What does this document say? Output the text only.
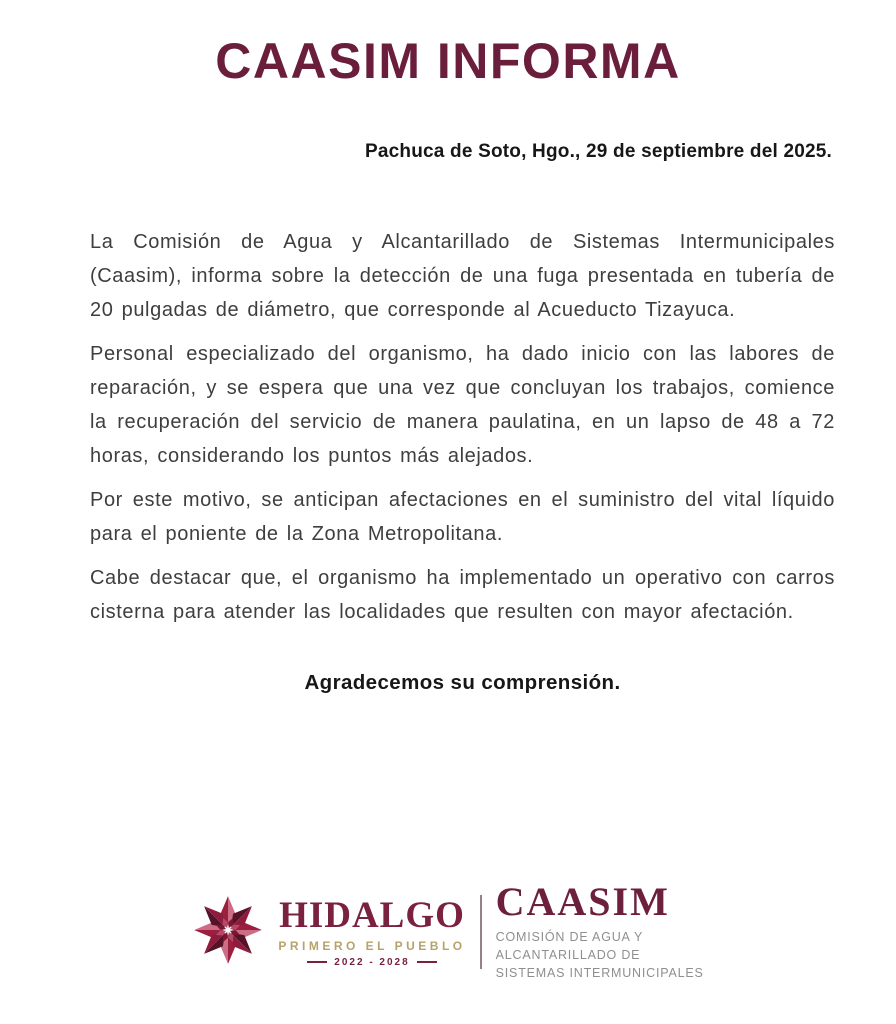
CAASIM INFORMA
Pachuca de Soto, Hgo., 29 de septiembre del 2025.

La Comisión de Agua y Alcantarillado de Sistemas Intermunicipales (Caasim), informa sobre la detección de una fuga presentada en tubería de 20 pulgadas de diámetro, que corresponde al Acueducto Tizayuca.

Personal especializado del organismo, ha dado inicio con las labores de reparación, y se espera que una vez que concluyan los trabajos, comience la recuperación del servicio de manera paulatina, en un lapso de 48 a 72 horas, considerando los puntos más alejados.

Por este motivo, se anticipan afectaciones en el suministro del vital líquido para el poniente de la Zona Metropolitana.

Cabe destacar que, el organismo ha implementado un operativo con carros cisterna para atender las localidades que resulten con mayor afectación.

Agradecemos su comprensión.
HIDALGO
PRIMERO EL PUEBLO
2022 - 2028
CAASIM
COMISIÓN DE AGUA Y
ALCANTARILLADO DE
SISTEMAS INTERMUNICIPALES
